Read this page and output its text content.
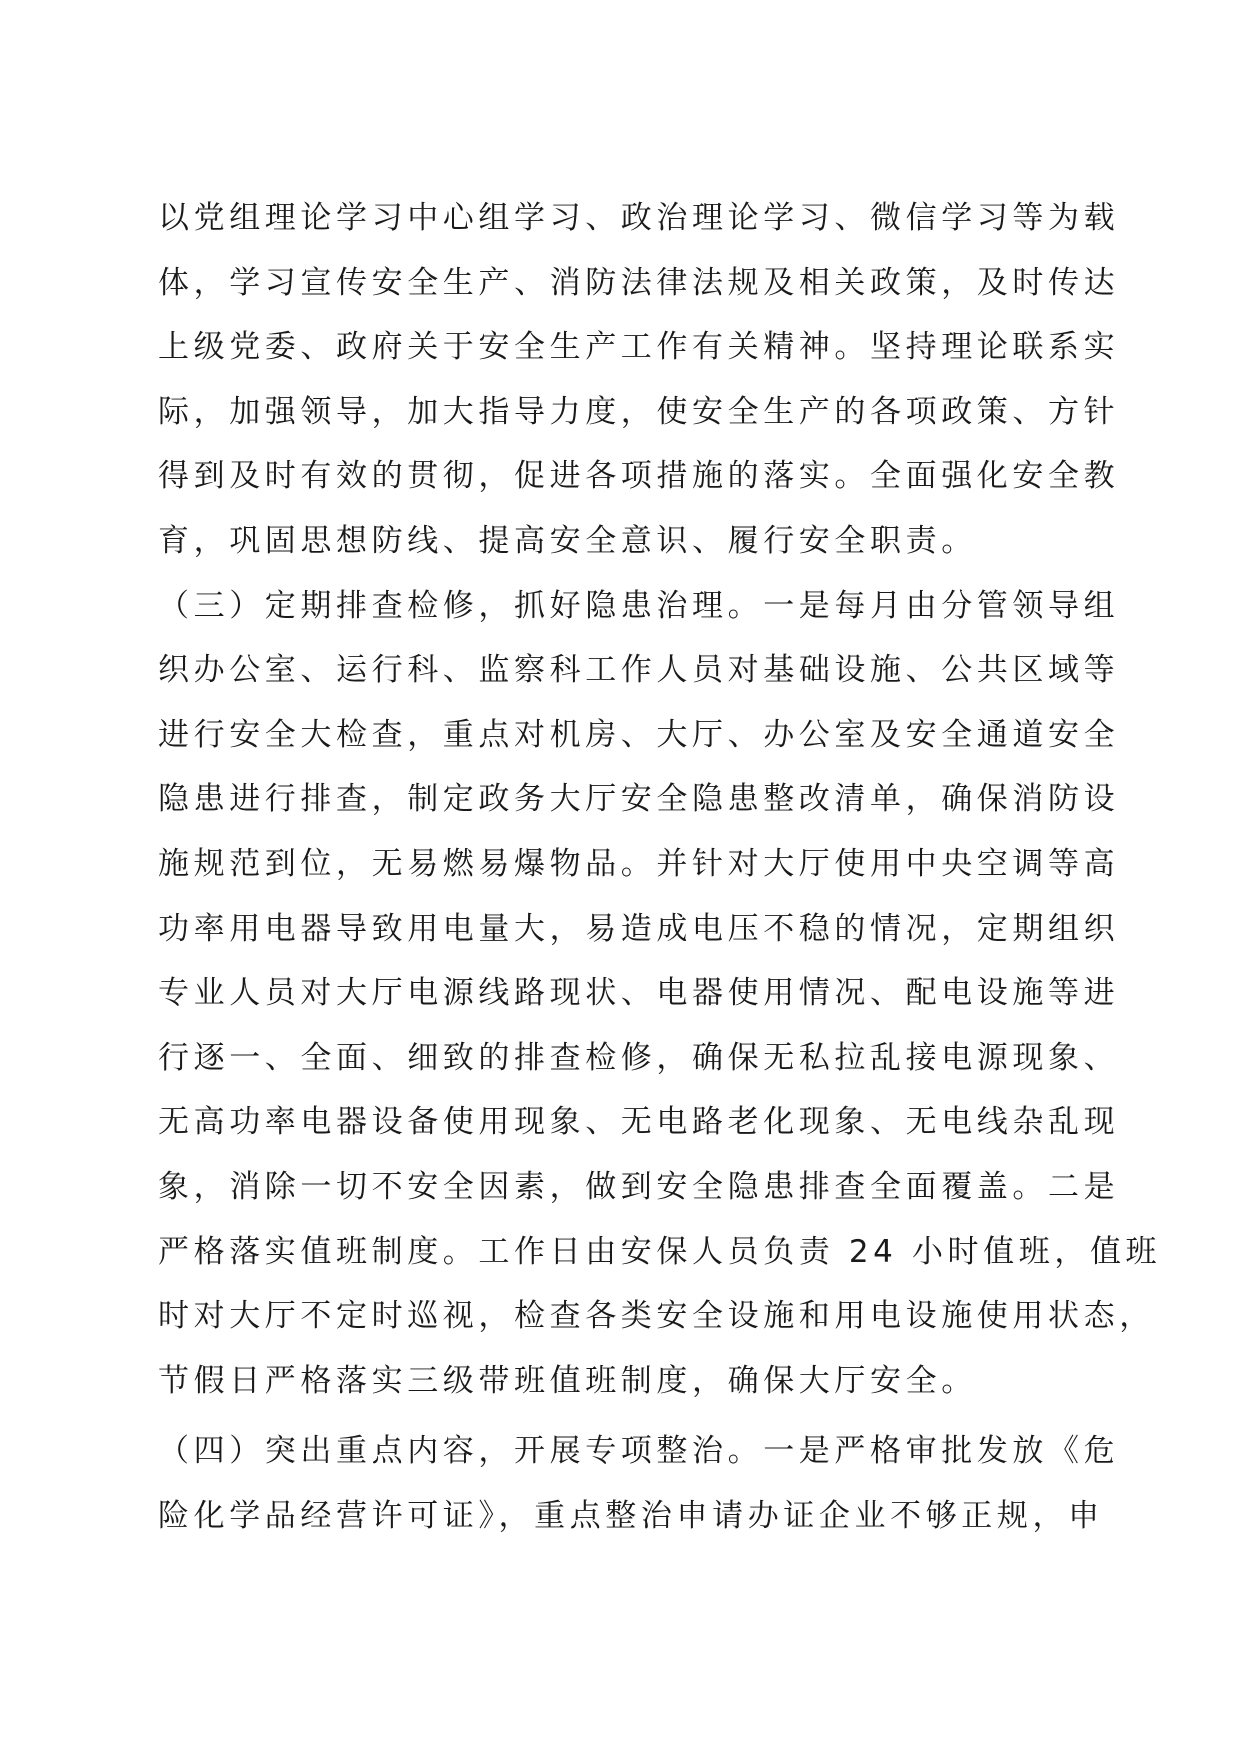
以党组理论学习中心组学习、政治理论学习、微信学习等为载
体，学习宣传安全生产、消防法律法规及相关政策，及时传达
上级党委、政府关于安全生产工作有关精神。坚持理论联系实
际，加强领导，加大指导力度，使安全生产的各项政策、方针
得到及时有效的贯彻，促进各项措施的落实。全面强化安全教
育，巩固思想防线、提高安全意识、履行安全职责。
（三）定期排查检修，抓好隐患治理。一是每月由分管领导组
织办公室、运行科、监察科工作人员对基础设施、公共区域等
进行安全大检查，重点对机房、大厅、办公室及安全通道安全
隐患进行排查，制定政务大厅安全隐患整改清单，确保消防设
施规范到位，无易燃易爆物品。并针对大厅使用中央空调等高
功率用电器导致用电量大，易造成电压不稳的情况，定期组织
专业人员对大厅电源线路现状、电器使用情况、配电设施等进
行逐一、全面、细致的排查检修，确保无私拉乱接电源现象、
无高功率电器设备使用现象、无电路老化现象、无电线杂乱现
象，消除一切不安全因素，做到安全隐患排查全面覆盖。二是
严格落实值班制度。工作日由安保人员负责 24 小时值班，值班
时对大厅不定时巡视，检查各类安全设施和用电设施使用状态，
节假日严格落实三级带班值班制度，确保大厅安全。
（四）突出重点内容，开展专项整治。一是严格审批发放《危
险化学品经营许可证》，重点整治申请办证企业不够正规，申
